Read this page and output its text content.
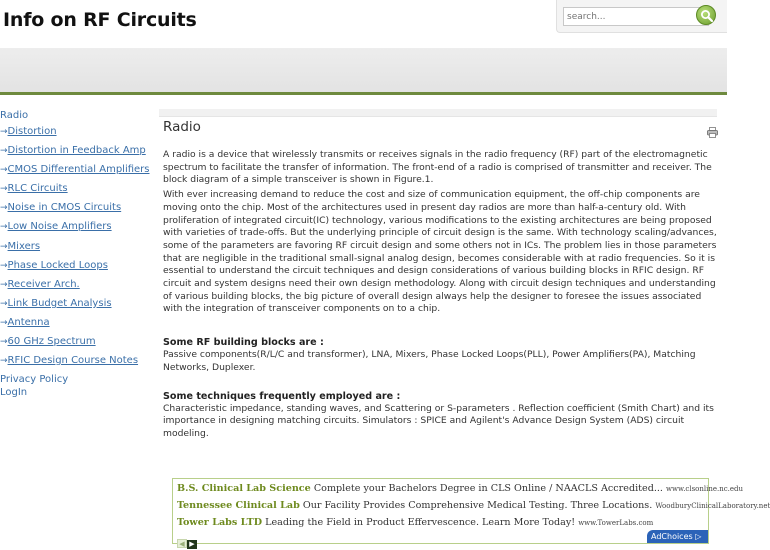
Info on RF Circuits
search...
Radio
→Distortion
→Distortion in Feedback Amp
→CMOS Differential Amplifiers
→RLC Circuits
→Noise in CMOS Circuits
→Low Noise Amplifiers
→Mixers
→Phase Locked Loops
→Receiver Arch.
→Link Budget Analysis
→Antenna
→60 GHz Spectrum
→RFIC Design Course Notes
Privacy Policy
LogIn
Radio

A radio is a device that wirelessly transmits or receives signals in the radio frequency (RF) part of the electromagnetic spectrum to facilitate the transfer of information. The front-end of a radio is comprised of transmitter and receiver. The block diagram of a simple transceiver is shown in Figure.1.

With ever increasing demand to reduce the cost and size of communication equipment, the off-chip components are moving onto the chip. Most of the architectures used in present day radios are more than half-a-century old. With proliferation of integrated circuit(IC) technology, various modifications to the existing architectures are being proposed with varieties of trade-offs. But the underlying principle of circuit design is the same. With technology scaling/advances, some of the parameters are favoring RF circuit design and some others not in ICs. The problem lies in those parameters that are negligible in the traditional small-signal analog design, becomes considerable with at radio frequencies. So it is essential to understand the circuit techniques and design considerations of various building blocks in RFIC design. RF circuit and system designs need their own design methodology. Along with circuit design techniques and understanding of various building blocks, the big picture of overall design always help the designer to foresee the issues associated with the integration of transceiver components on to a chip.

Some RF building blocks are :

Passive components(R/L/C and transformer), LNA, Mixers, Phase Locked Loops(PLL), Power Amplifiers(PA), Matching Networks, Duplexer.

Some techniques frequently employed are :

Characteristic impedance, standing waves, and Scattering or S-parameters . Reflection coefficient (Smith Chart) and its importance in designing matching circuits. Simulators : SPICE and Agilent's Advance Design System (ADS) circuit modeling.

B.S. Clinical Lab Science Complete your Bachelors Degree in CLS Online / NAACLS Accredited... www.clsonline.nc.edu
Tennessee Clinical Lab Our Facility Provides Comprehensive Medical Testing. Three Locations. WoodburyClinicalLaboratory.net
Tower Labs LTD Leading the Field in Product Effervescence. Learn More Today! www.TowerLabs.com
◀ ▶
AdChoices ▷
